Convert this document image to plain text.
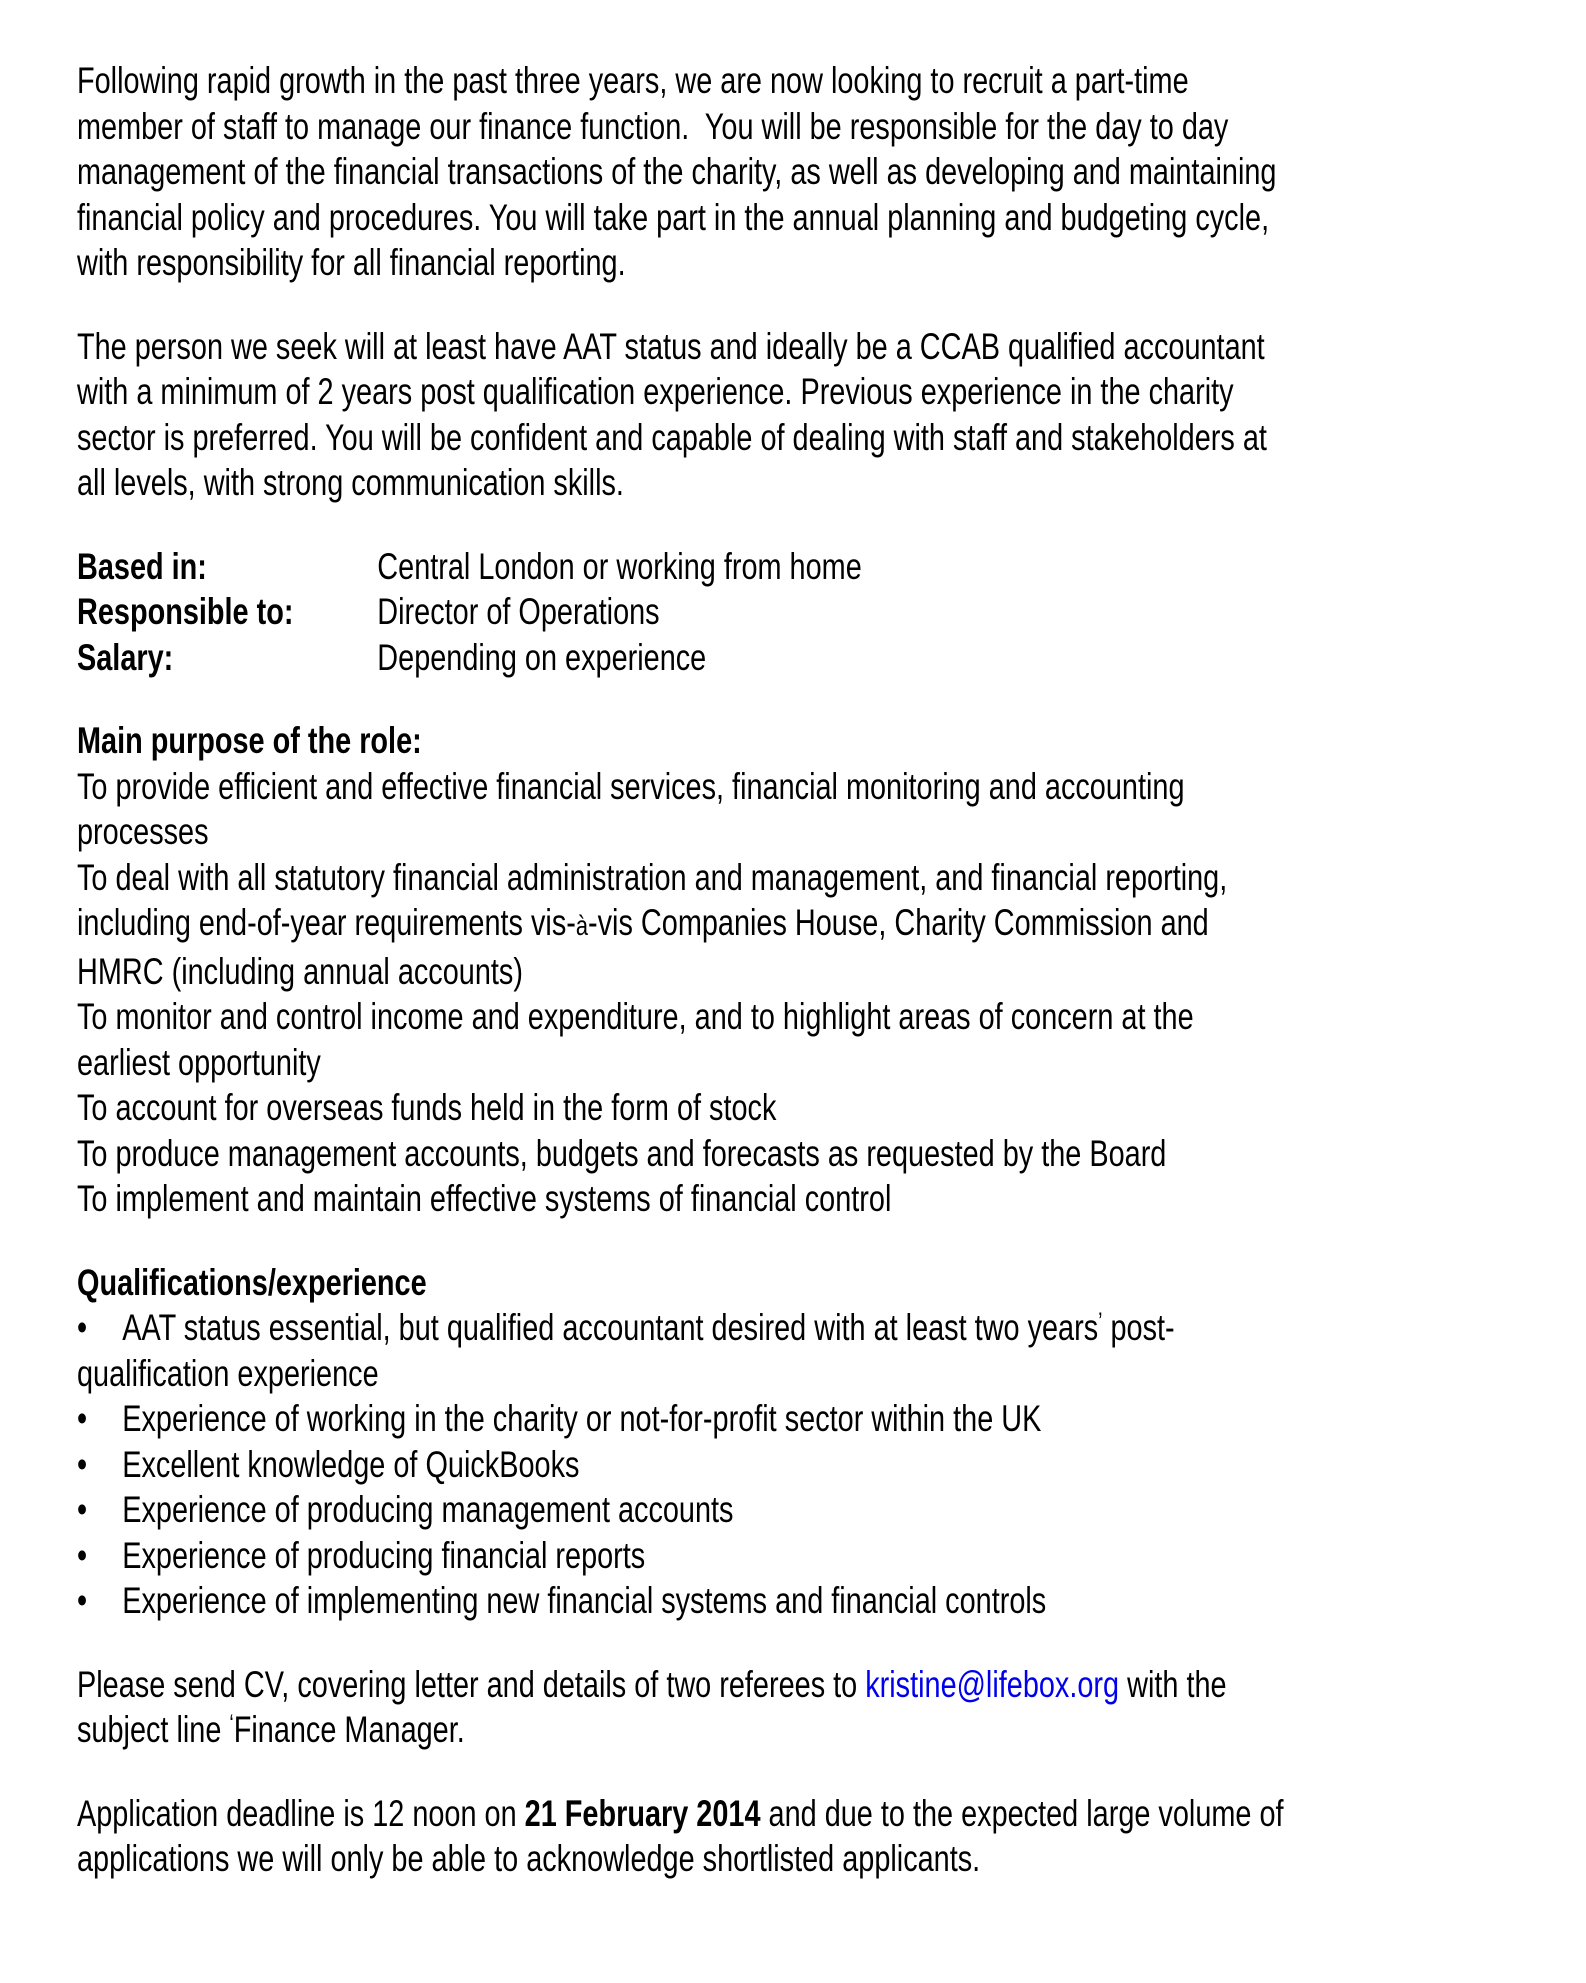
Following rapid growth in the past three years, we are now looking to recruit a part-time member of staff to manage our finance function.  You will be responsible for the day to day management of the financial transactions of the charity, as well as developing and maintaining financial policy and procedures. You will take part in the annual planning and budgeting cycle, with responsibility for all financial reporting.

The person we seek will at least have AAT status and ideally be a CCAB qualified accountant with a minimum of 2 years post qualification experience. Previous experience in the charity sector is preferred. You will be confident and capable of dealing with staff and stakeholders at all levels, with strong communication skills.

Based in:	Central London or working from home
Responsible to:	Director of Operations
Salary:	Depending on experience

Main purpose of the role:

To provide efficient and effective financial services, financial monitoring and accounting processes

To deal with all statutory financial administration and management, and financial reporting, including end-of-year requirements vis-à-vis Companies House, Charity Commission and HMRC (including annual accounts)

To monitor and control income and expenditure, and to highlight areas of concern at the earliest opportunity

To account for overseas funds held in the form of stock

To produce management accounts, budgets and forecasts as requested by the Board

To implement and maintain effective systems of financial control

Qualifications/experience

• AAT status essential, but qualified accountant desired with at least two years’ post-qualification experience

• Experience of working in the charity or not-for-profit sector within the UK

• Excellent knowledge of QuickBooks

• Experience of producing management accounts

• Experience of producing financial reports

• Experience of implementing new financial systems and financial controls

Please send CV, covering letter and details of two referees to kristine@lifebox.org with the subject line ‘Finance Manager.

Application deadline is 12 noon on 21 February 2014 and due to the expected large volume of applications we will only be able to acknowledge shortlisted applicants.
